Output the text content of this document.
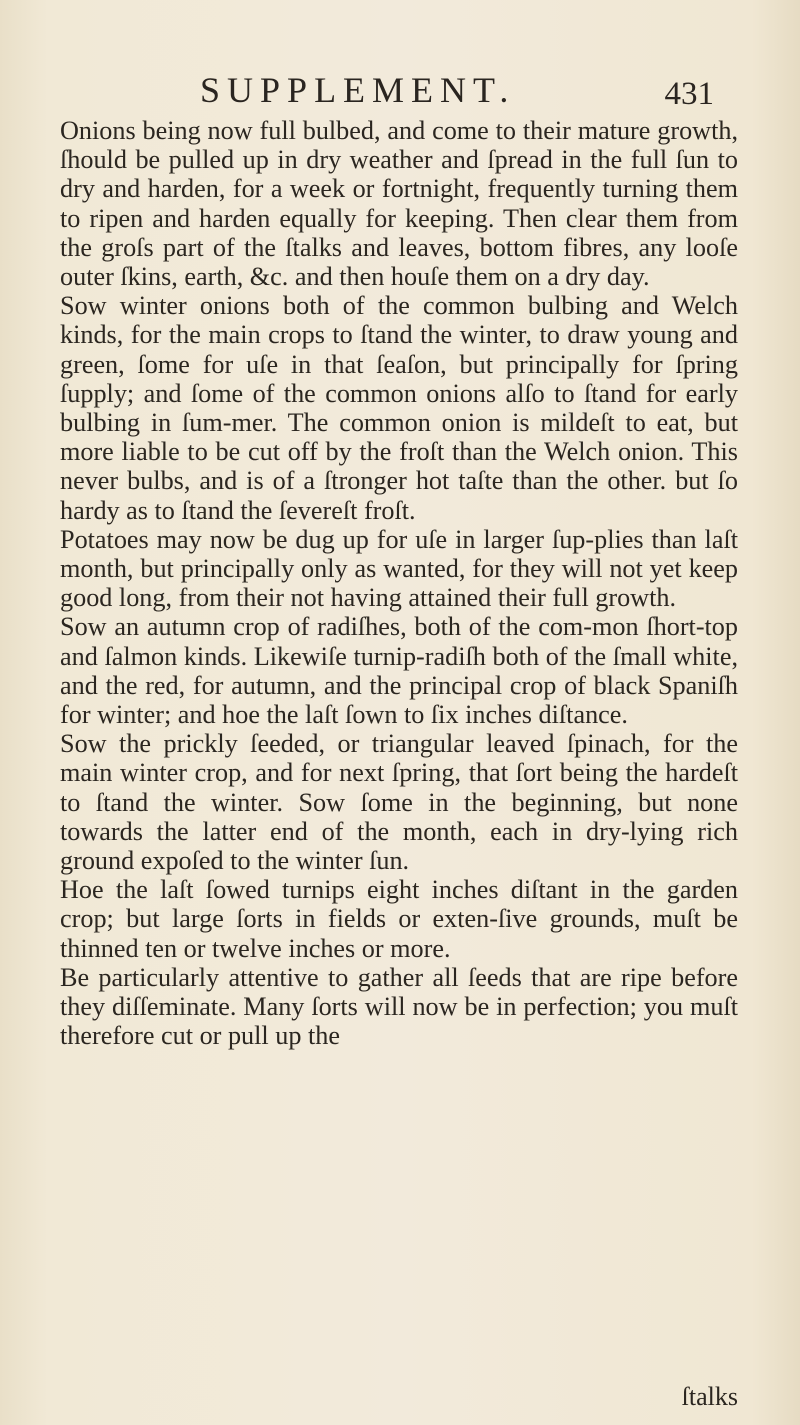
SUPPLEMENT.	431

Onions being now full bulbed, and come to their mature growth, ſhould be pulled up in dry weather and ſpread in the full ſun to dry and harden, for a week or fortnight, frequently turning them to ripen and harden equally for keeping. Then clear them from the groſs part of the ſtalks and leaves, bottom fibres, any looſe outer ſkins, earth, &c. and then houſe them on a dry day.

Sow winter onions both of the common bulbing and Welch kinds, for the main crops to ſtand the winter, to draw young and green, ſome for uſe in that ſeaſon, but principally for ſpring ſupply; and ſome of the common onions alſo to ſtand for early bulbing in ſum-mer. The common onion is mildeſt to eat, but more liable to be cut off by the froſt than the Welch onion. This never bulbs, and is of a ſtronger hot taſte than the other. but ſo hardy as to ſtand the ſevereſt froſt.

Potatoes may now be dug up for uſe in larger ſup-plies than laſt month, but principally only as wanted, for they will not yet keep good long, from their not having attained their full growth.

Sow an autumn crop of radiſhes, both of the com-mon ſhort-top and ſalmon kinds. Likewiſe turnip-radiſh both of the ſmall white, and the red, for autumn, and the principal crop of black Spaniſh for winter; and hoe the laſt ſown to ſix inches diſtance.

Sow the prickly ſeeded, or triangular leaved ſpinach, for the main winter crop, and for next ſpring, that ſort being the hardeſt to ſtand the winter. Sow ſome in the beginning, but none towards the latter end of the month, each in dry-lying rich ground expoſed to the winter ſun.

Hoe the laſt ſowed turnips eight inches diſtant in the garden crop; but large ſorts in fields or exten-ſive grounds, muſt be thinned ten or twelve inches or more.

Be particularly attentive to gather all ſeeds that are ripe before they diſſeminate. Many ſorts will now be in perfection; you muſt therefore cut or pull up the

ſtalks
